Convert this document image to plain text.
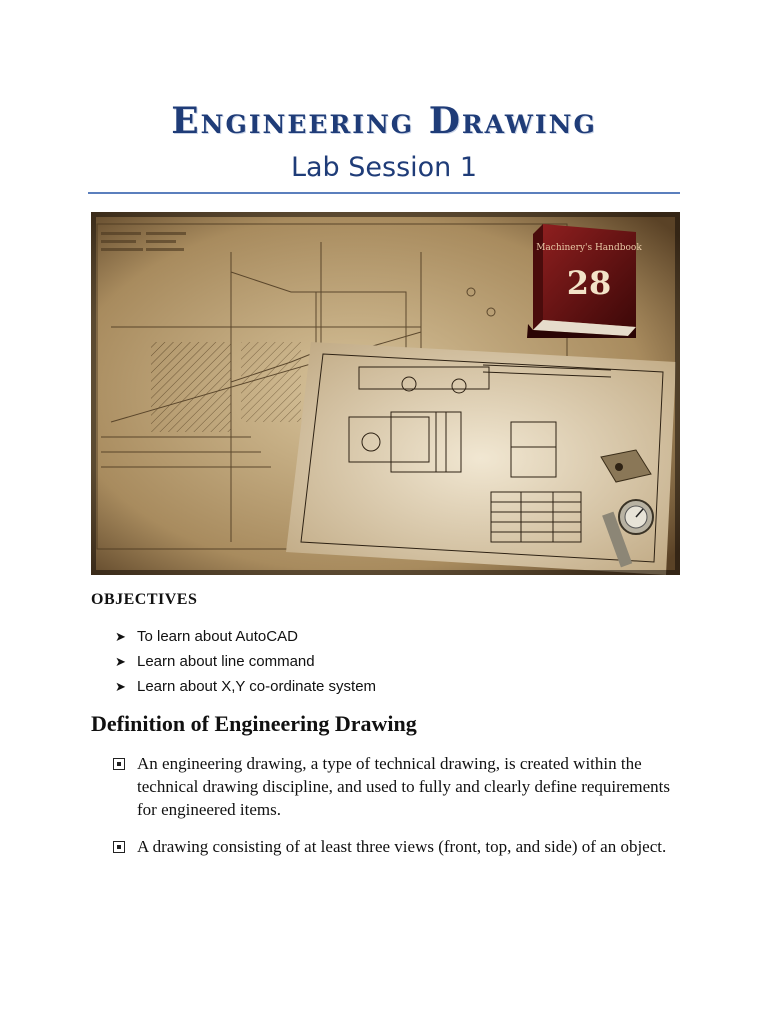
Engineering Drawing
Lab Session 1
Machinery's Handbook
28
OBJECTIVES
➤ To learn about AutoCAD
➤ Learn about line command
➤ Learn about X,Y co-ordinate system
Definition of Engineering Drawing
An engineering drawing, a type of technical drawing, is created within the technical drawing discipline, and used to fully and clearly define requirements for engineered items.
A drawing consisting of at least three views (front, top, and side) of an object.
